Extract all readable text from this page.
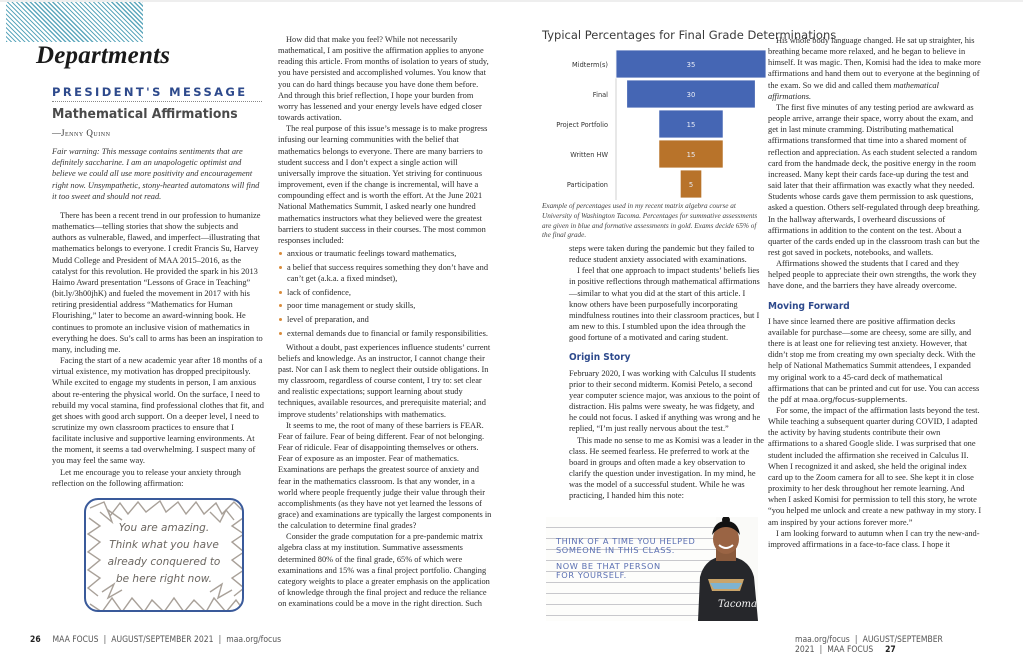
Departments
PRESIDENT'S MESSAGE
Mathematical Affirmations
—Jenny Quinn
Fair warning: This message contains sentiments that are definitely saccharine. I am an unapologetic optimist and believe we could all use more positivity and encouragement right now. Unsympathetic, stony-hearted automatons will find it too sweet and should not read.

There has been a recent trend in our profession to humanize mathematics—telling stories that show the subjects and authors as vulnerable, flawed, and imperfect—illustrating that mathematics belongs to everyone. I credit Francis Su, Harvey Mudd College and President of MAA 2015–2016, as the catalyst for this revolution. He provided the spark in his 2013 Haimo Award presentation “Lessons of Grace in Teaching” (bit.ly/3h00jhK) and fueled the movement in 2017 with his retiring presidential address “Mathematics for Human Flourishing,” later to become an award-winning book. He continues to promote an inclusive vision of mathematics in everything he does. Su’s call to arms has been an inspiration to many, including me.

Facing the start of a new academic year after 18 months of a virtual existence, my motivation has dropped precipitously. While excited to engage my students in person, I am anxious about re-entering the physical world. On the surface, I need to rebuild my vocal stamina, find professional clothes that fit, and get shoes with good arch support. On a deeper level, I need to scrutinize my own classroom practices to ensure that I facilitate inclusive and supportive learning environments. At the moment, it seems a tad overwhelming. I suspect many of you may feel the same way.

Let me encourage you to release your anxiety through reflection on the following affirmation:

You are amazing.
Think what you have
already conquered to
be here right now.

How did that make you feel? While not necessarily mathematical, I am positive the affirmation applies to anyone reading this article. From months of isolation to years of study, you have persisted and accomplished volumes. You know that you can do hard things because you have done them before. And through this brief reflection, I hope your burden from worry has lessened and your energy levels have edged closer towards activation.

The real purpose of this issue’s message is to make progress infusing our learning communities with the belief that mathematics belongs to everyone. There are many barriers to student success and I don’t expect a single action will universally improve the situation. Yet striving for continuous improvement, even if the change is incremental, will have a compounding effect and is worth the effort. At the June 2021 National Mathematics Summit, I asked nearly one hundred mathematics instructors what they believed were the greatest barriers to student success in their courses. The most common responses included:

anxious or traumatic feelings toward mathematics,
a belief that success requires something they don’t have and can’t get (a.k.a. a fixed mindset),
lack of confidence,
poor time management or study skills,
level of preparation, and
external demands due to financial or family responsibilities.

Without a doubt, past experiences influence students’ current beliefs and knowledge. As an instructor, I cannot change their past. Nor can I ask them to neglect their outside obligations. In my classroom, regardless of course content, I try to: set clear and realistic expectations; support learning about study techniques, available resources, and prerequisite material; and improve students’ relationships with mathematics.

It seems to me, the root of many of these barriers is FEAR. Fear of failure. Fear of being different. Fear of not belonging. Fear of ridicule. Fear of disappointing themselves or others. Fear of exposure as an imposter. Fear of mathematics. Examinations are perhaps the greatest source of anxiety and fear in the mathematics classroom. Is that any wonder, in a world where people frequently judge their value through their accomplishments (as they have not yet learned the lessons of grace) and examinations are typically the largest components in the calculation to determine final grades?

Consider the grade computation for a pre-pandemic matrix algebra class at my institution. Summative assessments determined 80% of the final grade, 65% of which were examinations and 15% was a final project portfolio. Changing category weights to place a greater emphasis on the application of knowledge through the final project and reduce the reliance on examinations could be a move in the right direction. Such

Typical Percentages for Final Grade Determinations
Midterm(s)	35
Final	30
Project Portfolio	15
Written HW	15
Participation	5
Example of percentages used in my recent matrix algebra course at University of Washington Tacoma. Percentages for summative assessments are given in blue and formative assessments in gold. Exams decide 65% of the final grade.

steps were taken during the pandemic but they failed to reduce student anxiety associated with examinations.

I feel that one approach to impact students’ beliefs lies in positive reflections through mathematical affirmations—similar to what you did at the start of this article. I know others have been purposefully incorporating mindfulness routines into their classroom practices, but I am new to this. I stumbled upon the idea through the good fortune of a motivated and caring student.

Origin Story

February 2020, I was working with Calculus II students prior to their second midterm. Komisi Petelo, a second year computer science major, was anxious to the point of distraction. His palms were sweaty, he was fidgety, and he could not focus. I asked if anything was wrong and he replied, “I’m just really nervous about the test.”

This made no sense to me as Komisi was a leader in the class. He seemed fearless. He preferred to work at the board in groups and often made a key observation to clarify the question under investigation. In my mind, he was the model of a successful student. While he was practicing, I handed him this note:

THINK OF A TIME YOU HELPED
SOMEONE IN THIS CLASS.
NOW BE THAT PERSON
FOR YOURSELF.
Tacoma

His whole body language changed. He sat up straighter, his breathing became more relaxed, and he began to believe in himself. It was magic. Then, Komisi had the idea to make more affirmations and hand them out to everyone at the beginning of the exam. So we did and called them mathematical affirmations.

The first five minutes of any testing period are awkward as people arrive, arrange their space, worry about the exam, and get in last minute cramming. Distributing mathematical affirmations transformed that time into a shared moment of reflection and appreciation. As each student selected a random card from the handmade deck, the positive energy in the room increased. Many kept their cards face-up during the test and said later that their affirmation was exactly what they needed. Students whose cards gave them permission to ask questions, asked a question. Others self-regulated through deep breathing. In the hallway afterwards, I overheard discussions of affirmations in addition to the content on the test. About a quarter of the cards ended up in the classroom trash can but the rest got saved in pockets, notebooks, and wallets.

Affirmations showed the students that I cared and they helped people to appreciate their own strengths, the work they have done, and the barriers they have already overcome.

Moving Forward

I have since learned there are positive affirmation decks available for purchase—some are cheesy, some are silly, and there is at least one for relieving test anxiety. However, that didn’t stop me from creating my own specialty deck. With the help of National Mathematics Summit attendees, I expanded my original work to a 45-card deck of mathematical affirmations that can be printed and cut for use. You can access the pdf at maa.org/focus-supplements.

For some, the impact of the affirmation lasts beyond the test. While teaching a subsequent quarter during COVID, I adapted the activity by having students contribute their own affirmations to a shared Google slide. I was surprised that one student included the affirmation she received in Calculus II. When I recognized it and asked, she held the original index card up to the Zoom camera for all to see. She kept it in close proximity to her desk throughout her remote learning. And when I asked Komisi for permission to tell this story, he wrote “you helped me unlock and create a new pathway in my story. I am inspired by your actions forever more.”

I am looking forward to autumn when I can try the new-and-improved affirmations in a face-to-face class. I hope it

26 MAA FOCUS | AUGUST/SEPTEMBER 2021 | maa.org/focus	maa.org/focus | AUGUST/SEPTEMBER 2021 | MAA FOCUS 27
